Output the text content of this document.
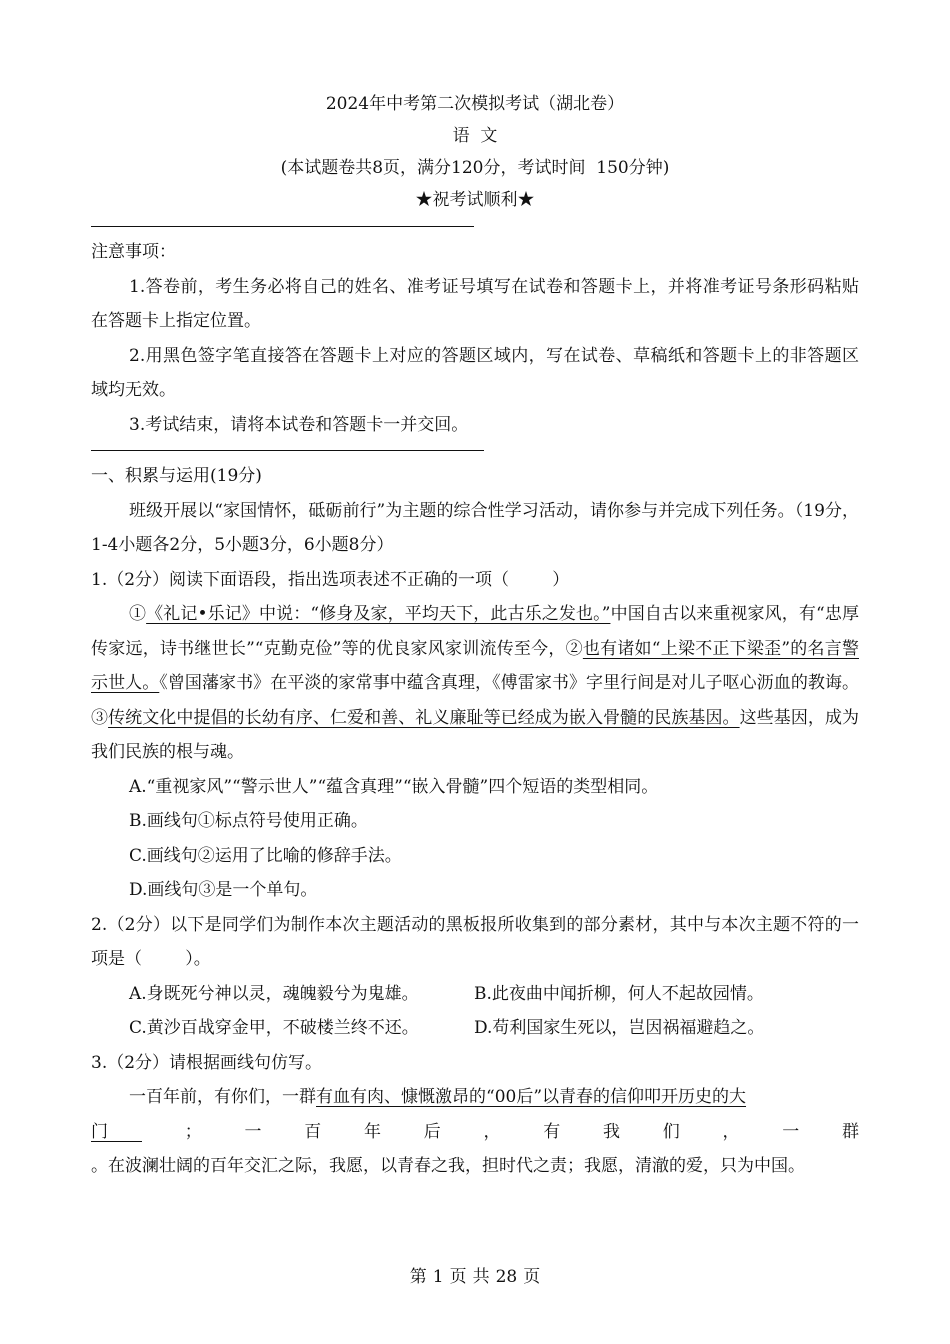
2024年中考第二次模拟考试（湖北卷）

语  文

(本试题卷共8页，满分120分，考试时间  150分钟)

★祝考试顺利★

注意事项：

1.答卷前，考生务必将自己的姓名、准考证号填写在试卷和答题卡上，并将准考证号条形码粘贴在答题卡上指定位置。

2.用黑色签字笔直接答在答题卡上对应的答题区域内，写在试卷、草稿纸和答题卡上的非答题区域均无效。

3.考试结束，请将本试卷和答题卡一并交回。

一、积累与运用(19分)

班级开展以“家国情怀，砥砺前行”为主题的综合性学习活动，请你参与并完成下列任务。（19分，1-4小题各2分，5小题3分，6小题8分）

1.（2分）阅读下面语段，指出选项表述不正确的一项（        ）

①《礼记•乐记》中说：“修身及家，平均天下，此古乐之发也。”中国自古以来重视家风，有“忠厚传家远，诗书继世长”“克勤克俭”等的优良家风家训流传至今，②也有诸如“上梁不正下梁歪”的名言警示世人。《曾国藩家书》在平淡的家常事中蕴含真理，《傅雷家书》字里行间是对儿子呕心沥血的教诲。③传统文化中提倡的长幼有序、仁爱和善、礼义廉耻等已经成为嵌入骨髓的民族基因。这些基因，成为我们民族的根与魂。

A.“重视家风”“警示世人”“蕴含真理”“嵌入骨髓”四个短语的类型相同。

B.画线句①标点符号使用正确。

C.画线句②运用了比喻的修辞手法。

D.画线句③是一个单句。

2.（2分）以下是同学们为制作本次主题活动的黑板报所收集到的部分素材，其中与本次主题不符的一项是（        ）。

A.身既死兮神以灵，魂魄毅兮为鬼雄。	B.此夜曲中闻折柳，何人不起故园情。
C.黄沙百战穿金甲，不破楼兰终不还。	D.苟利国家生死以，岂因祸福避趋之。

3.（2分）请根据画线句仿写。

一百年前，有你们，一群有血有肉、慷慨激昂的“00后”以青春的信仰叩开历史的大

门  	；	一	百	年	后	，	有	我	们	，	一	群

。在波澜壮阔的百年交汇之际，我愿，以青春之我，担时代之责；我愿，清澈的爱，只为中国。

第 1 页 共 28 页
